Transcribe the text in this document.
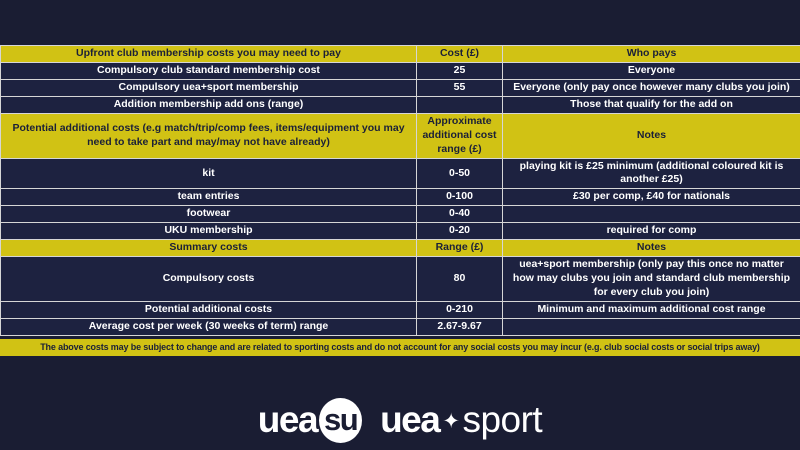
Upfront club membership costs you may need to pay	Cost (£)	Who pays
Compulsory club standard membership cost	25	Everyone
Compulsory uea+sport membership	55	Everyone (only pay once however many clubs you join)
Addition membership add ons (range)		Those that qualify for the add on
Potential additional costs (e.g match/trip/comp fees, items/equipment you may need to take part and may/may not have already)	Approximate additional cost range (£)	Notes
kit	0-50	playing kit is £25 minimum (additional coloured kit is another £25)
team entries	0-100	£30 per comp, £40 for nationals
footwear	0-40	
UKU membership	0-20	required for comp
Summary costs	Range (£)	Notes
Compulsory costs	80	uea+sport membership (only pay this once no matter how may clubs you join and standard club membership for every club you join)
Potential additional costs	0-210	Minimum and maximum additional cost range
Average cost per week (30 weeks of term) range	2.67-9.67	
The above costs may be subject to change and are related to sporting costs and do not account for any social costs you may incur (e.g. club social costs or social trips away)
uea su uea ✦ sport
